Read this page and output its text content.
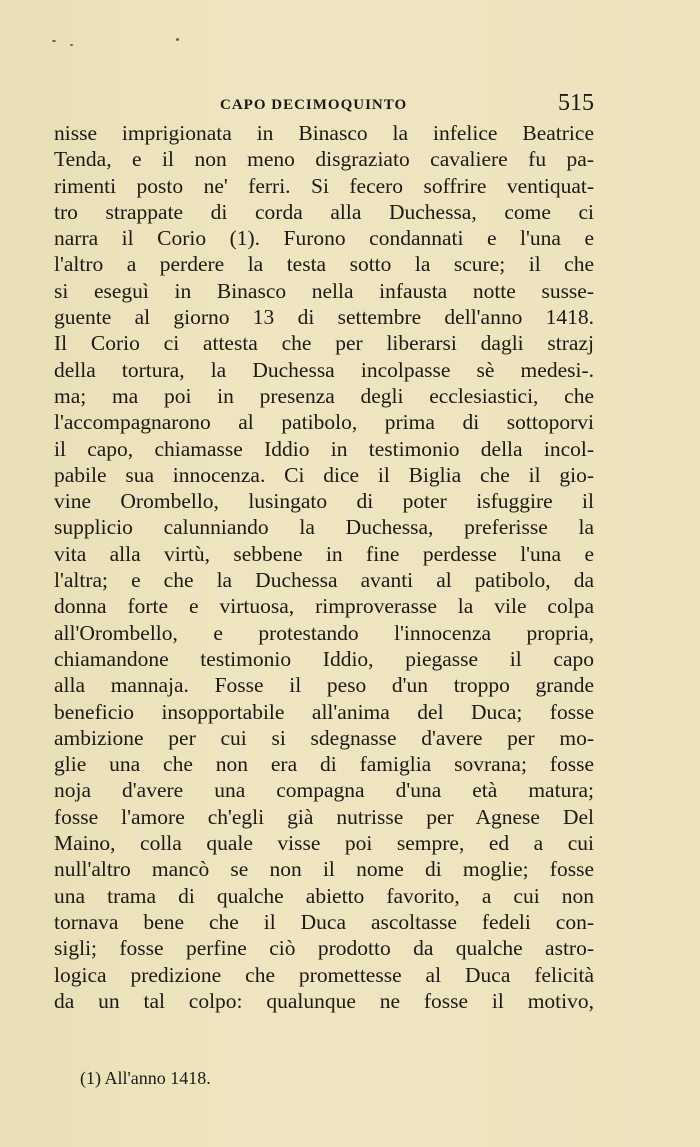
CAPO DECIMOQUINTO	515
nisse imprigionata in Binasco la infelice Beatrice
Tenda, e il non meno disgraziato cavaliere fu pa-
rimenti posto ne' ferri. Si fecero soffrire ventiquat-
tro strappate di corda alla Duchessa, come ci
narra il Corio (1). Furono condannati e l'una e
l'altro a perdere la testa sotto la scure; il che
si eseguì in Binasco nella infausta notte susse-
guente al giorno 13 di settembre dell'anno 1418.
Il Corio ci attesta che per liberarsi dagli strazj
della tortura, la Duchessa incolpasse sè medesi-.
ma; ma poi in presenza degli ecclesiastici, che
l'accompagnarono al patibolo, prima di sottoporvi
il capo, chiamasse Iddio in testimonio della incol-
pabile sua innocenza. Ci dice il Biglia che il gio-
vine Orombello, lusingato di poter isfuggire il
supplicio calunniando la Duchessa, preferisse la
vita alla virtù, sebbene in fine perdesse l'una e
l'altra; e che la Duchessa avanti al patibolo, da
donna forte e virtuosa, rimproverasse la vile colpa
all'Orombello, e protestando l'innocenza propria,
chiamandone testimonio Iddio, piegasse il capo
alla mannaja. Fosse il peso d'un troppo grande
beneficio insopportabile all'anima del Duca; fosse
ambizione per cui si sdegnasse d'avere per mo-
glie una che non era di famiglia sovrana; fosse
noja d'avere una compagna d'una età matura;
fosse l'amore ch'egli già nutrisse per Agnese Del
Maino, colla quale visse poi sempre, ed a cui
null'altro mancò se non il nome di moglie; fosse
una trama di qualche abietto favorito, a cui non
tornava bene che il Duca ascoltasse fedeli con-
sigli; fosse perfine ciò prodotto da qualche astro-
logica predizione che promettesse al Duca felicità
da un tal colpo: qualunque ne fosse il motivo,
(1) All'anno 1418.
